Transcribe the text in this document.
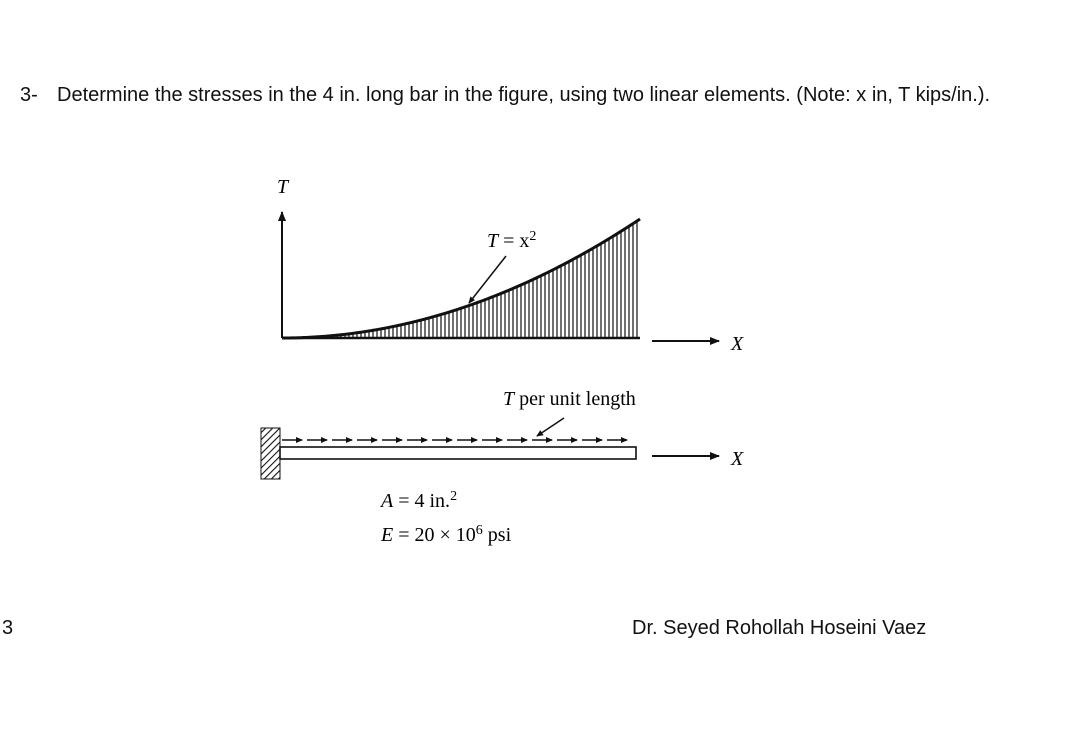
3- Determine the stresses in the 4 in. long bar in the figure, using two linear elements. (Note: x in, T kips/in.).
T
X
$T = x^2$
T per unit length
X
A = 4 in.$^2$
$E = 20 \times 10^6$ psi
3	Dr. Seyed Rohollah Hoseini Vaez
